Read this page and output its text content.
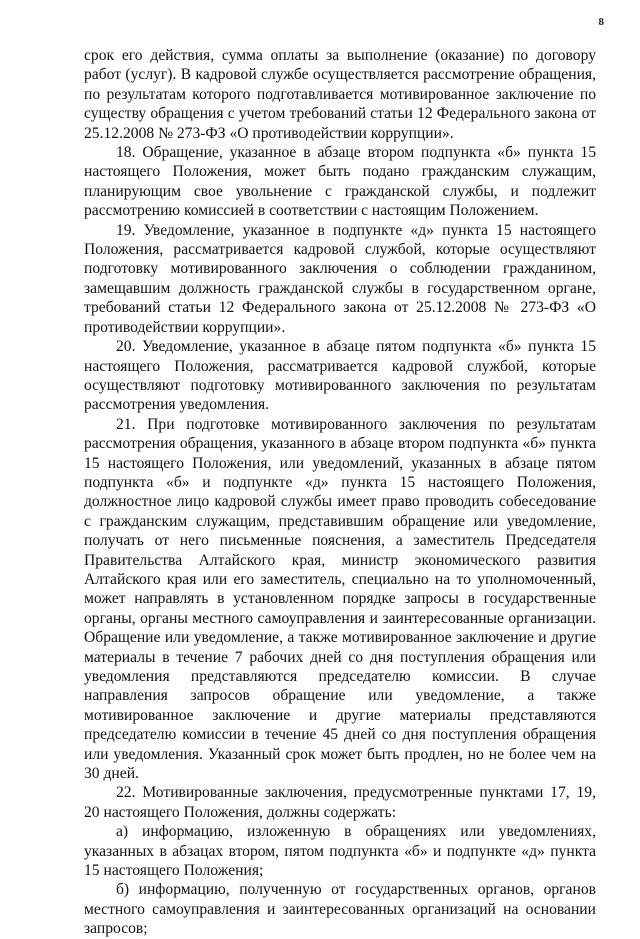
8

срок его действия, сумма оплаты за выполнение (оказание) по договору работ (услуг). В кадровой службе осуществляется рассмотрение обращения, по результатам которого подготавливается мотивированное заключение по существу обращения с учетом требований статьи 12 Федерального закона от 25.12.2008 № 273-ФЗ «О противодействии коррупции».

18. Обращение, указанное в абзаце втором подпункта «б» пункта 15 настоящего Положения, может быть подано гражданским служащим, планирующим свое увольнение с гражданской службы, и подлежит рассмотрению комиссией в соответствии с настоящим Положением.

19. Уведомление, указанное в подпункте «д» пункта 15 настоящего Положения, рассматривается кадровой службой, которые осуществляют подготовку мотивированного заключения о соблюдении гражданином, замещавшим должность гражданской службы в государственном органе, требований статьи 12 Федерального закона от 25.12.2008 № 273-ФЗ «О противодействии коррупции».

20. Уведомление, указанное в абзаце пятом подпункта «б» пункта 15 настоящего Положения, рассматривается кадровой службой, которые осуществляют подготовку мотивированного заключения по результатам рассмотрения уведомления.

21. При подготовке мотивированного заключения по результатам рассмотрения обращения, указанного в абзаце втором подпункта «б» пункта 15 настоящего Положения, или уведомлений, указанных в абзаце пятом подпункта «б» и подпункте «д» пункта 15 настоящего Положения, должностное лицо кадровой службы имеет право проводить собеседование с гражданским служащим, представившим обращение или уведомление, получать от него письменные пояснения, а заместитель Председателя Правительства Алтайского края, министр экономического развития Алтайского края или его заместитель, специально на то уполномоченный, может направлять в установленном порядке запросы в государственные органы, органы местного самоуправления и заинтересованные организации. Обращение или уведомление, а также мотивированное заключение и другие материалы в течение 7 рабочих дней со дня поступления обращения или уведомления представляются председателю комиссии. В случае направления запросов обращение или уведомление, а также мотивированное заключение и другие материалы представляются председателю комиссии в течение 45 дней со дня поступления обращения или уведомления. Указанный срок может быть продлен, но не более чем на 30 дней.

22. Мотивированные заключения, предусмотренные пунктами 17, 19, 20 настоящего Положения, должны содержать:

а) информацию, изложенную в обращениях или уведомлениях, указанных в абзацах втором, пятом подпункта «б» и подпункте «д» пункта 15 настоящего Положения;

б) информацию, полученную от государственных органов, органов местного самоуправления и заинтересованных организаций на основании запросов;
